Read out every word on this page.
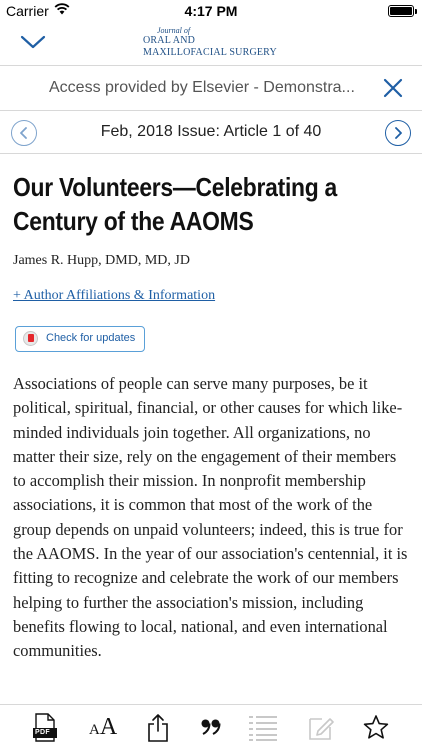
Carrier	4:17 PM
Journal of
ORAL AND
MAXILLOFACIAL SURGERY
Access provided by Elsevier - Demonstra...
Feb, 2018 Issue: Article 1 of 40
Our Volunteers—Celebrating a Century of the AAOMS
James R. Hupp, DMD, MD, JD
+ Author Affiliations & Information
Check for updates

Associations of people can serve many purposes, be it political, spiritual, financial, or other causes for which like-minded individuals join together. All organizations, no matter their size, rely on the engagement of their members to accomplish their mission. In nonprofit membership associations, it is common that most of the work of the group depends on unpaid volunteers; indeed, this is true for the AAOMS. In the year of our association's centennial, it is fitting to recognize and celebrate the work of our members helping to further the association's mission, including benefits flowing to local, national, and even international communities.

PDF	AA
